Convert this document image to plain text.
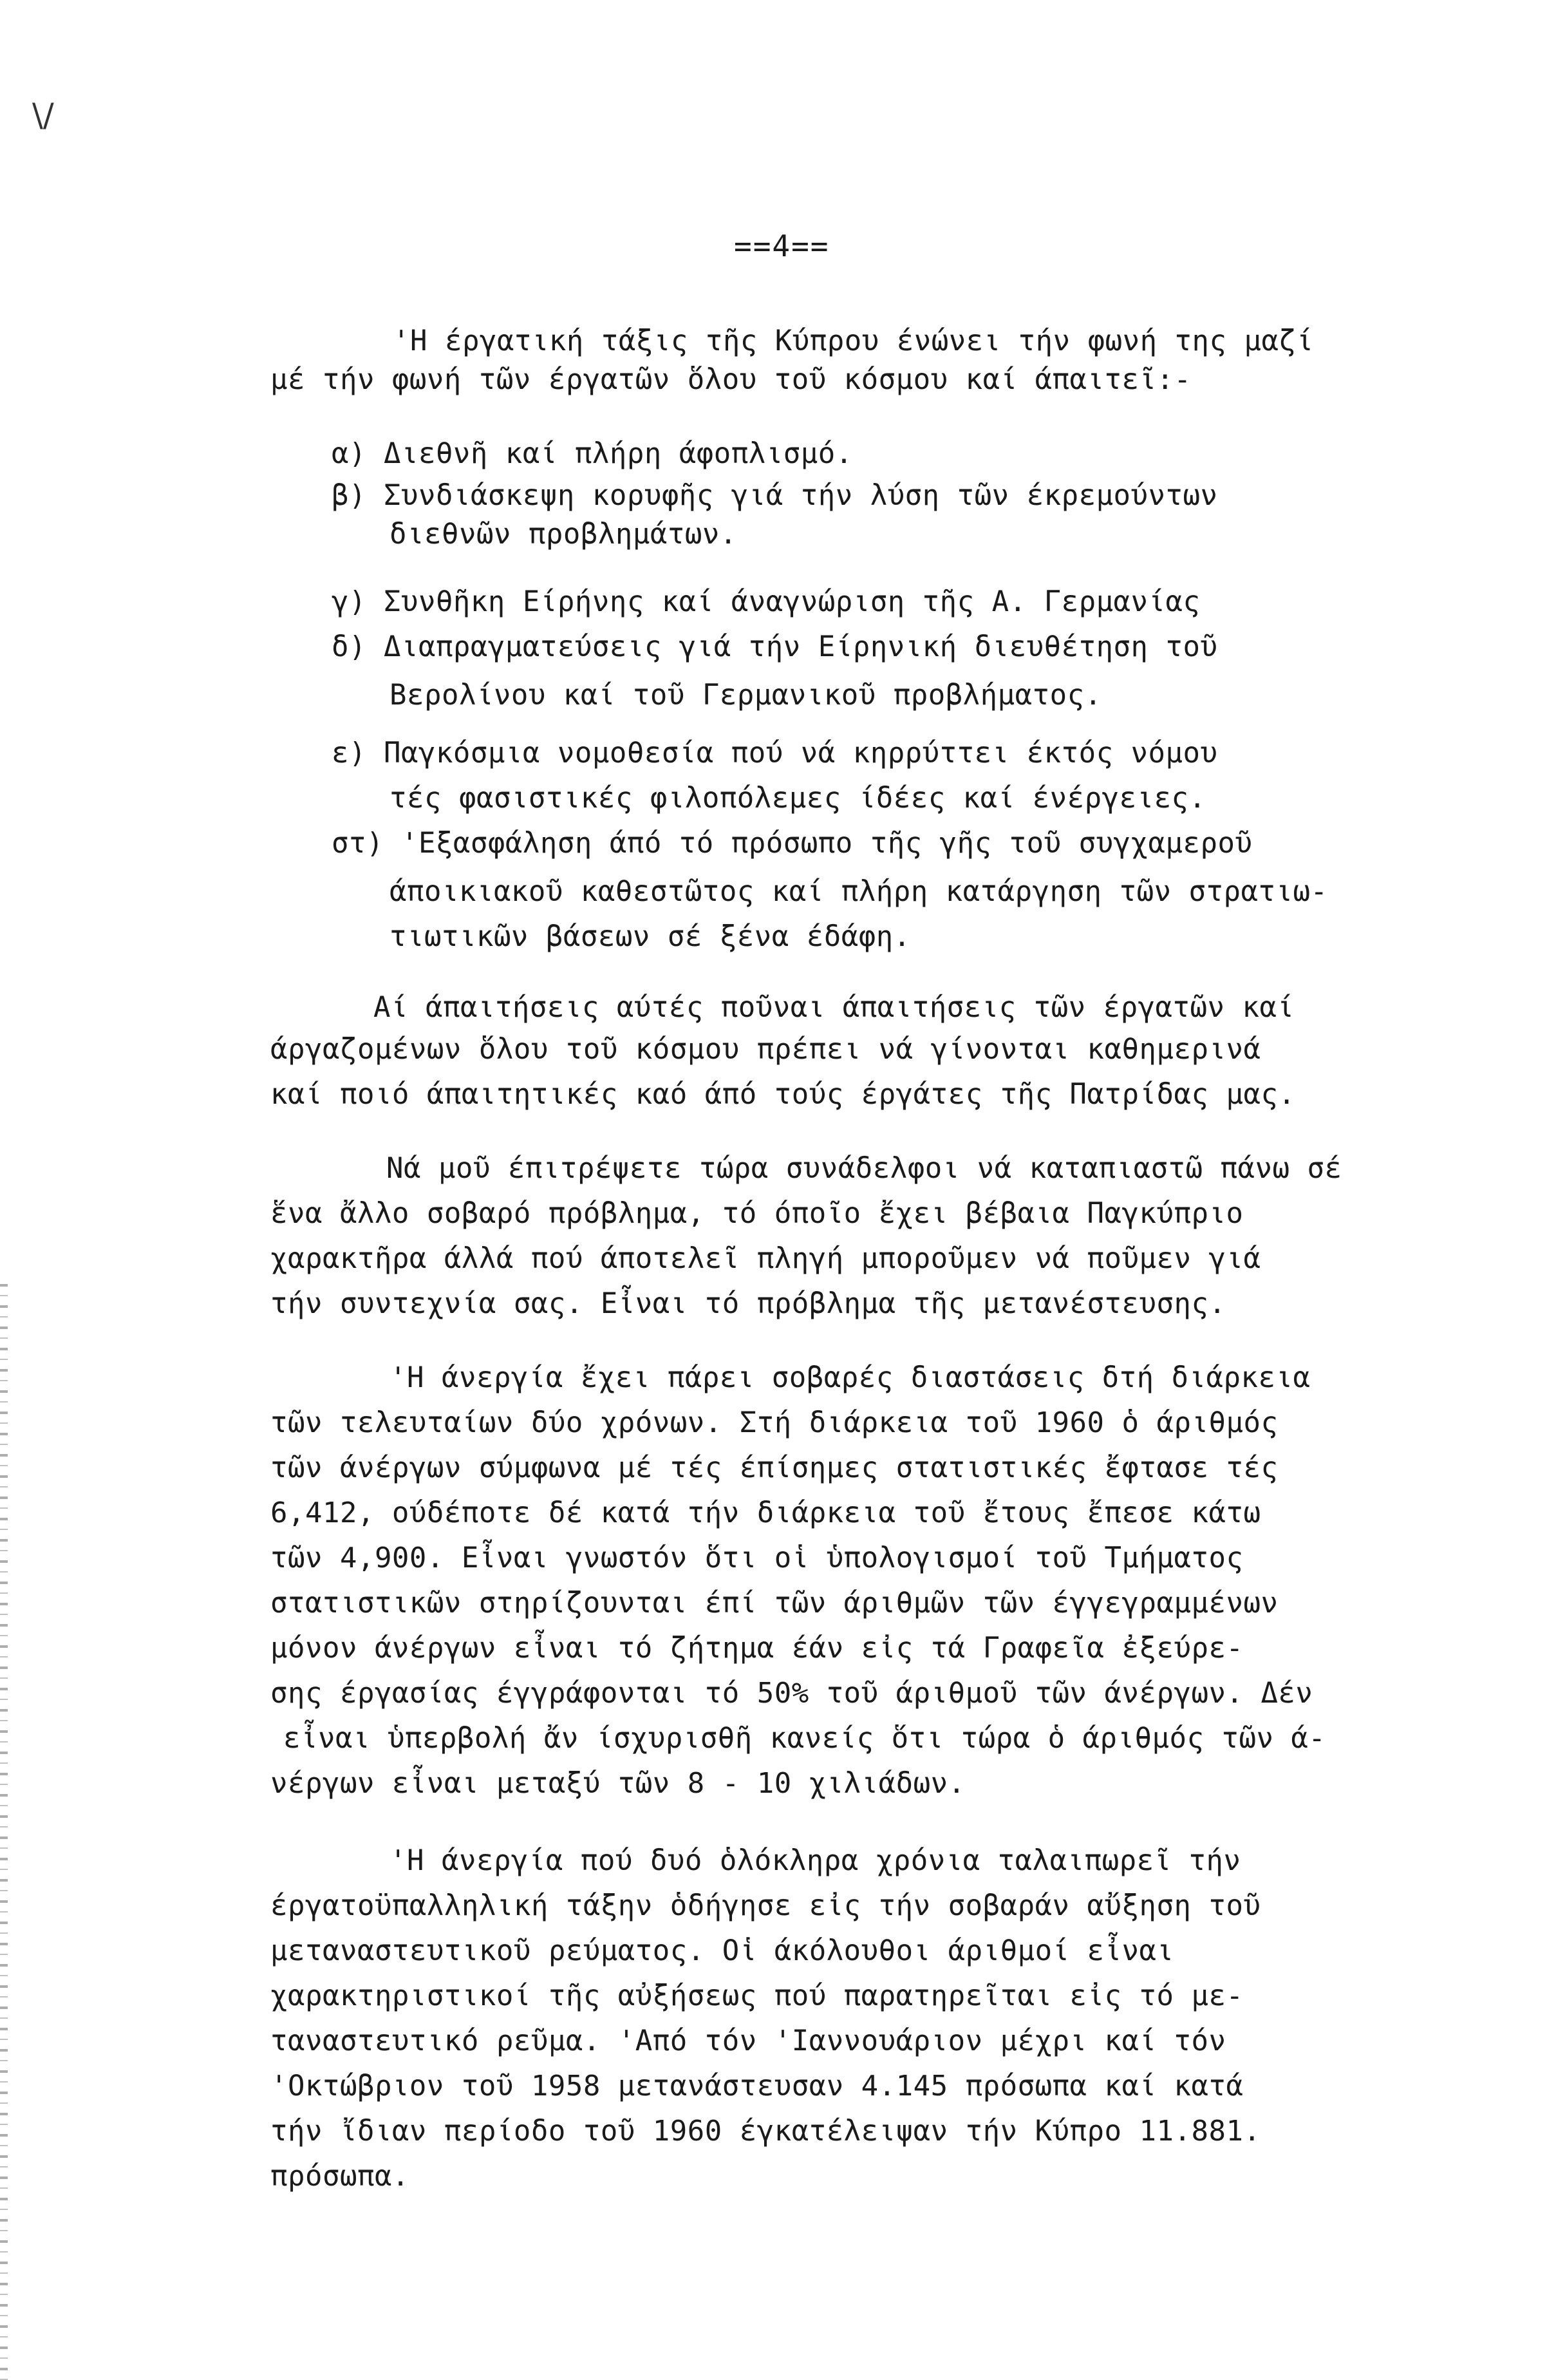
\/
==4==
'Η έργατική τάξις τῆς Κύπρου ένώνει τήν φωνή της μαζί
μέ τήν φωνή τῶν έργατῶν ὅλου τοῦ κόσμου καί άπαιτεῖ:-
α) Διεθνῆ καί πλήρη άφοπλισμό.
β) Συνδιάσκεψη κορυφῆς γιά τήν λύση τῶν έκρεμούντων
διεθνῶν προβλημάτων.
γ) Συνθῆκη Είρήνης καί άναγνώριση τῆς Α. Γερμανίας
δ) Διαπραγματεύσεις γιά τήν Είρηνική διευθέτηση τοῦ
Βερολίνου καί τοῦ Γερμανικοῦ προβλήματος.
ε) Παγκόσμια νομοθεσία πού νά κηρρύττει έκτός νόμου
τές φασιστικές φιλοπόλεμες ίδέες καί ένέργειες.
στ) 'Εξασφάληση άπό τό πρόσωπο τῆς γῆς τοῦ συγχαμεροῦ
άποικιακοῦ καθεστῶτος καί πλήρη κατάργηση τῶν στρατιω-
τιωτικῶν βάσεων σέ ξένα έδάφη.
Αί άπαιτήσεις αύτές ποῦναι άπαιτήσεις τῶν έργατῶν καί
άργαζομένων ὅλου τοῦ κόσμου πρέπει νά γίνονται καθημερινά
καί ποιό άπαιτητικές καό άπό τούς έργάτες τῆς Πατρίδας μας.
Νά μοῦ έπιτρέψετε τώρα συνάδελφοι νά καταπιαστῶ πάνω σέ
ἕνα ἄλλο σοβαρό πρόβλημα, τό όποῖο ἔχει βέβαια Παγκύπριο
χαρακτῆρα άλλά πού άποτελεῖ πληγή μποροῦμεν νά ποῦμεν γιά
τήν συντεχνία σας. Εἶναι τό πρόβλημα τῆς μετανέστευσης.
'Η άνεργία ἔχει πάρει σοβαρές διαστάσεις δτή διάρκεια
τῶν τελευταίων δύο χρόνων. Στή διάρκεια τοῦ 1960 ὁ άριθμός
τῶν άνέργων σύμφωνα μέ τές έπίσημες στατιστικές ἔφτασε τές
6,412, ούδέποτε δέ κατά τήν διάρκεια τοῦ ἔτους ἔπεσε κάτω
τῶν 4,900. Εἶναι γνωστόν ὅτι οἱ ὑπολογισμοί τοῦ Τμήματος
στατιστικῶν στηρίζουνται έπί τῶν άριθμῶν τῶν έγγεγραμμένων
μόνον άνέργων εἶναι τό ζήτημα έάν εἰς τά Γραφεῖα ἐξεύρε-
σης έργασίας έγγράφονται τό 50% τοῦ άριθμοῦ τῶν άνέργων. Δέν
εἶναι ὑπερβολή ἄν ίσχυρισθῆ κανείς ὅτι τώρα ὁ άριθμός τῶν ά-
νέργων εἶναι μεταξύ τῶν 8 - 10 χιλιάδων.
'Η άνεργία πού δυό ὁλόκληρα χρόνια ταλαιπωρεῖ τήν
έργατοϋπαλληλική τάξην ὁδήγησε εἰς τήν σοβαράν αὔξηση τοῦ
μεταναστευτικοῦ ρεύματος. Οἱ άκόλουθοι άριθμοί εἶναι
χαρακτηριστικοί τῆς αὐξήσεως πού παρατηρεῖται εἰς τό με-
ταναστευτικό ρεῦμα. 'Από τόν 'Ιαννουάριον μέχρι καί τόν
'Οκτώβριον τοῦ 1958 μετανάστευσαν 4.145 πρόσωπα καί κατά
τήν ἴδιαν περίοδο τοῦ 1960 έγκατέλειψαν τήν Κύπρο 11.881.
πρόσωπα.
